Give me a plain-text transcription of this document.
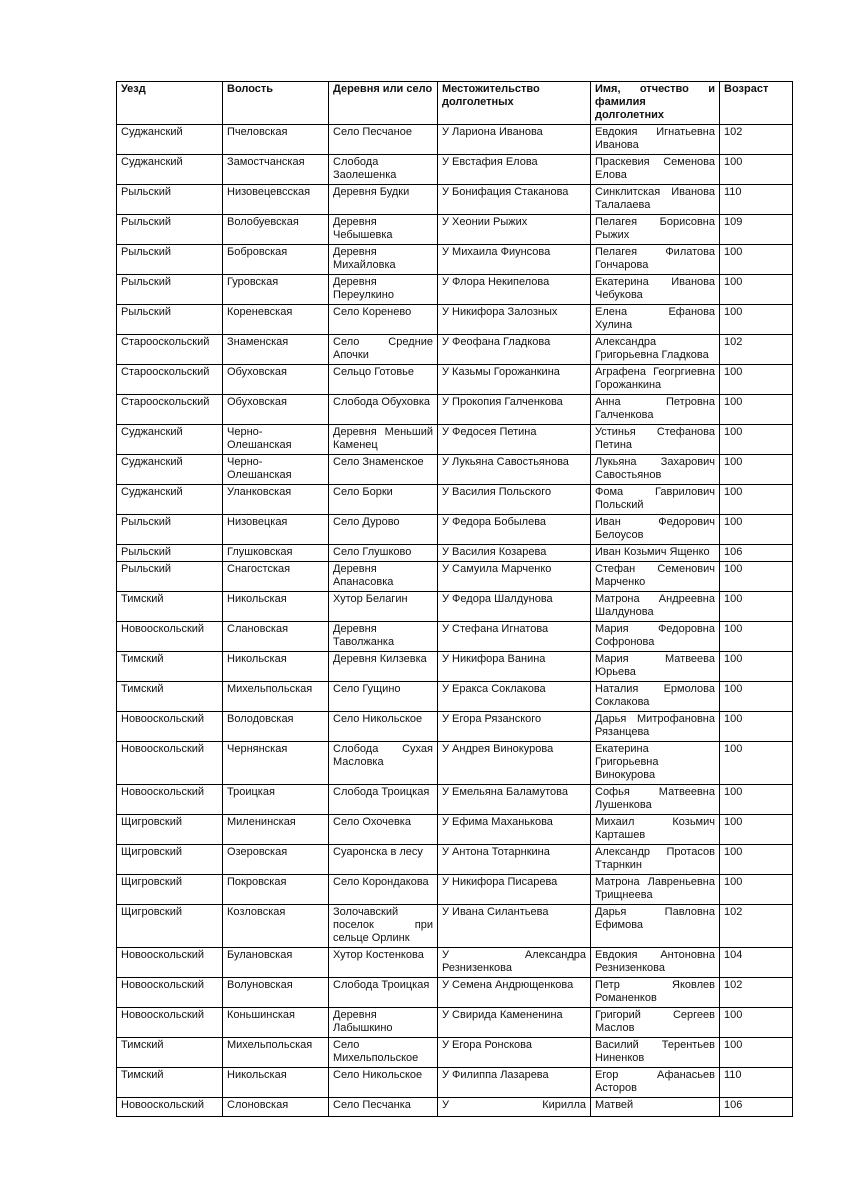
Уезд	Волость	Деревня или село	Местожительство долголетных	Имя, отчество и фамилия долголетних	Возраст

Суджанский	Пчеловская	Село Песчаное	У Лариона Иванова	Евдокия Игнатьевна Иванова	102

Суджанский	Замостчанская	Слобода Заолешенка	У Евстафия Елова	Праскевия Семенова Елова	100

Рыльский	Низовецевсская	Деревня Будки	У Бонифация Стаканова	Синклитская Иванова Талалаева	110

Рыльский	Волобуевская	Деревня Чебышевка	У Хеонии Рыжих	Пелагея Борисовна Рыжих	109

Рыльский	Бобровская	Деревня Михайловка	У Михаила Фиунсова	Пелагея Филатова Гончарова	100

Рыльский	Гуровская	Деревня Переулкино	У Флора Некипелова	Екатерина Иванова Чебукова	100

Рыльский	Кореневская	Село Коренево	У Никифора Залозных	Елена Ефанова Хулина	100

Старооскольский	Знаменская	Село Средние Апочки	У Феофана Гладкова	Александра Григорьевна Гладкова	102

Старооскольский	Обуховская	Сельцо Готовье	У Казьмы Горожанкина	Аграфена Геогргиевна Горожанкина	100

Старооскольский	Обуховская	Слобода Обуховка	У Прокопия Галченкова	Анна Петровна Галченкова	100

Суджанский	Черно-Олешанская	Деревня Меньший Каменец	У Федосея Петина	Устинья Стефанова Петина	100

Суджанский	Черно-Олешанская	Село Знаменское	У Лукьяна Савостьянова	Лукьяна Захарович Савостьянов	100

Суджанский	Уланковская	Село Борки	У Василия Польского	Фома Гаврилович Польский	100

Рыльский	Низовецкая	Село Дурово	У Федора Бобылева	Иван Федорович Белоусов	100

Рыльский	Глушковская	Село Глушково	У Василия Козарева	Иван Козьмич Ященко	106

Рыльский	Снагостская	Деревня Апанасовка	У Самуила Марченко	Стефан Семенович Марченко	100

Тимский	Никольская	Хутор Белагин	У Федора Шалдунова	Матрона Андреевна Шалдунова	100

Новооскольский	Слановская	Деревня Таволжанка	У Стефана Игнатова	Мария Федоровна Софронова	100

Тимский	Никольская	Деревня Килзевка	У Никифора Ванина	Мария Матвеева Юрьева	100

Тимский	Михельпольская	Село Гущино	У Еракса Соклакова	Наталия Ермолова Соклакова	100

Новооскольский	Володовская	Село Никольское	У Егора Рязанского	Дарья Митрофановна Рязанцева	100

Новооскольский	Чернянская	Слобода Сухая Масловка	У Андрея Винокурова	Екатерина Григорьевна Винокурова	100

Новооскольский	Троицкая	Слобода Троицкая	У Емельяна Баламутова	Софья Матвеевна Лушенкова	100

Щигровский	Миленинская	Село Охочевка	У Ефима Маханькова	Михаил Козьмич Карташев	100

Щигровский	Озеровская	Суаронска в лесу	У Антона Тотарнкина	Александр Протасов Ттарнкин	100

Щигровский	Покровская	Село Корондакова	У Никифора Писарева	Матрона Лавреньевна Трищнеева	100

Щигровский	Козловская	Золочавский поселок при сельце Орлинк	У Ивана Силантьева	Дарья Павловна Ефимова	102

Новооскольский	Булановская	Хутор Костенкова	У Александра Резнизенкова	Евдокия Антоновна Резнизенкова	104

Новооскольский	Волуновская	Слобода Троицкая	У Семена Андрющенкова	Петр Яковлев Романенков	102

Новооскольский	Коньшинская	Деревня Лабышкино	У Свирида Камененина	Григорий Сергеев Маслов	100

Тимский	Михельпольская	Село Михельпольское	У Егора Ронскова	Василий Терентьев Ниненков	100

Тимский	Никольская	Село Никольское	У Филиппа Лазарева	Егор Афанасьев Асторов	110

Новооскольский	Слоновская	Село Песчанка	У Кирилла	Матвей	106
